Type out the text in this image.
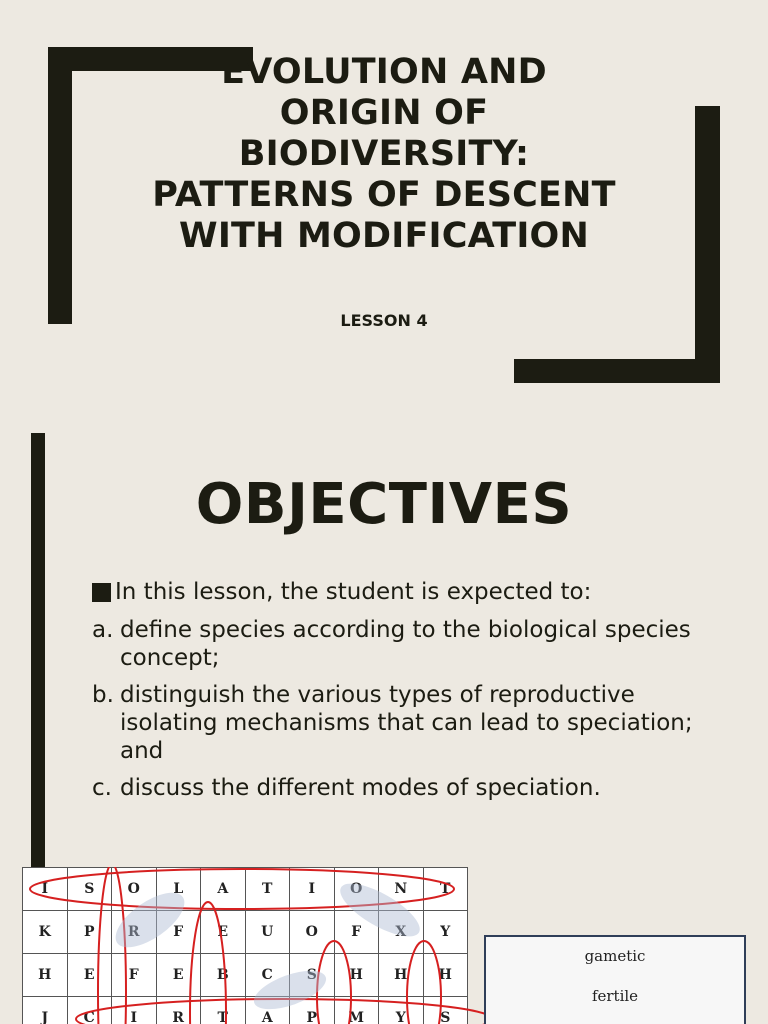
EVOLUTION AND
ORIGIN OF
BIODIVERSITY:
PATTERNS OF DESCENT
WITH MODIFICATION
LESSON 4
OBJECTIVES
In this lesson, the student is expected to:
a. define species according to the biological species concept;
b. distinguish the various types of reproductive isolating mechanisms that can lead to speciation; and
c. discuss the different modes of speciation.
I	S	O	L	A	T	I	O	N	T
K	P	R	F	E	U	O	F	X	Y
H	E	F	E	B	C	S	H	H	H
J	C	I	R	T	A	P	M	Y	S
gametic
fertile
